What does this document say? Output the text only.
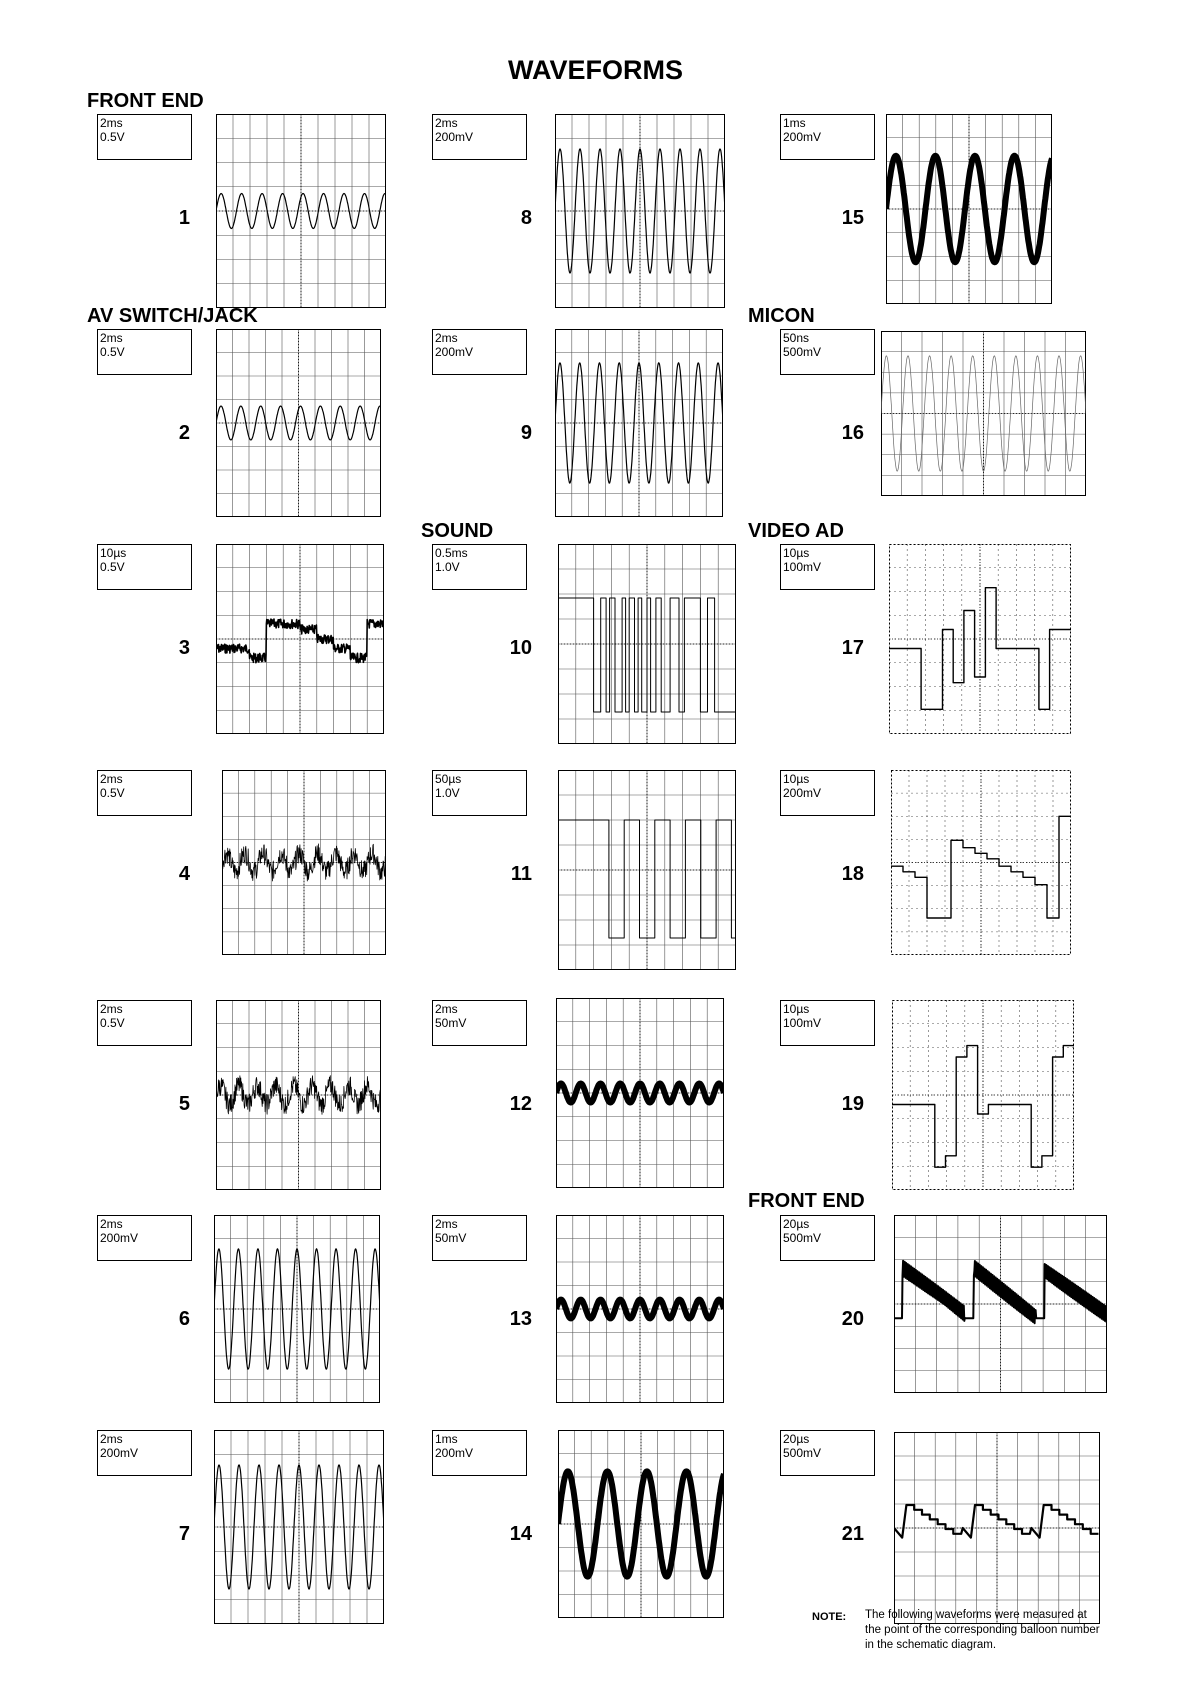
WAVEFORMS
FRONT END
AV SWITCH/JACK	MICON
SOUND	VIDEO AD
FRONT END
2ms
0.5V
1
2ms
0.5V
2
10µs
0.5V
3
2ms
0.5V
4
2ms
0.5V
5
2ms
200mV
6
2ms
200mV
7
2ms
200mV
8
2ms
200mV
9
0.5ms
1.0V
10
50µs
1.0V
11
2ms
50mV
12
2ms
50mV
13
1ms
200mV
14
1ms
200mV
15
50ns
500mV
16
10µs
100mV
17
10µs
200mV
18
10µs
100mV
19
20µs
500mV
20
20µs
500mV
21
NOTE: The following waveforms were measured at the point of the corresponding balloon number in the schematic diagram.
